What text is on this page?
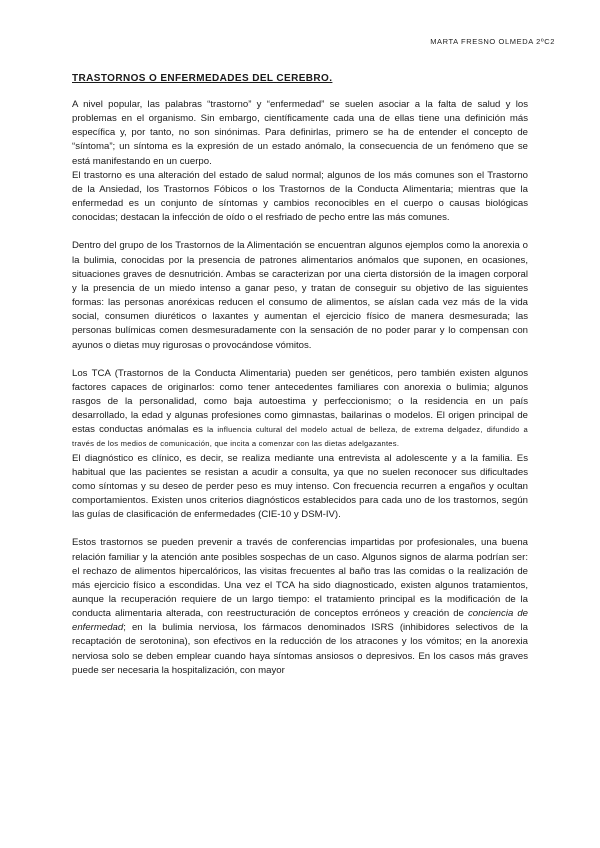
MARTA FRESNO OLMEDA 2ºC2
TRASTORNOS O ENFERMEDADES DEL CEREBRO.

A nivel popular, las palabras “trastorno” y “enfermedad” se suelen asociar a la falta de salud y los problemas en el organismo. Sin embargo, científicamente cada una de ellas tiene una definición más específica y, por tanto, no son sinónimas. Para definirlas, primero se ha de entender el concepto de “síntoma”; un síntoma es la expresión de un estado anómalo, la consecuencia de un fenómeno que se está manifestando en un cuerpo.

El trastorno es una alteración del estado de salud normal; algunos de los más comunes son el Trastorno de la Ansiedad, los Trastornos Fóbicos o los Trastornos de la Conducta Alimentaria; mientras que la enfermedad es un conjunto de síntomas y cambios reconocibles en el cuerpo o causas biológicas conocidas; destacan la infección de oído o el resfriado de pecho entre las más comunes.

Dentro del grupo de los Trastornos de la Alimentación se encuentran algunos ejemplos como la anorexia o la bulimia, conocidas por la presencia de patrones alimentarios anómalos que suponen, en ocasiones, situaciones graves de desnutrición. Ambas se caracterizan por una cierta distorsión de la imagen corporal y la presencia de un miedo intenso a ganar peso, y tratan de conseguir su objetivo de las siguientes formas: las personas anoréxicas reducen el consumo de alimentos, se aíslan cada vez más de la vida social, consumen diuréticos o laxantes y aumentan el ejercicio físico de manera desmesurada; las personas bulímicas comen desmesuradamente con la sensación de no poder parar y lo compensan con ayunos o dietas muy rigurosas o provocándose vómitos.

Los TCA (Trastornos de la Conducta Alimentaria) pueden ser genéticos, pero también existen algunos factores capaces de originarlos: como tener antecedentes familiares con anorexia o bulimia; algunos rasgos de la personalidad, como baja autoestima y perfeccionismo; o la residencia en un país desarrollado, la edad y algunas profesiones como gimnastas, bailarinas o modelos. El origen principal de estas conductas anómalas es la influencia cultural del modelo actual de belleza, de extrema delgadez, difundido a través de los medios de comunicación, que incita a comenzar con las dietas adelgazantes.

El diagnóstico es clínico, es decir, se realiza mediante una entrevista al adolescente y a la familia. Es habitual que las pacientes se resistan a acudir a consulta, ya que no suelen reconocer sus dificultades como síntomas y su deseo de perder peso es muy intenso. Con frecuencia recurren a engaños y ocultan comportamientos. Existen unos criterios diagnósticos establecidos para cada uno de los trastornos, según las guías de clasificación de enfermedades (CIE-10 y DSM-IV).

Estos trastornos se pueden prevenir a través de conferencias impartidas por profesionales, una buena relación familiar y la atención ante posibles sospechas de un caso. Algunos signos de alarma podrían ser: el rechazo de alimentos hipercalóricos, las visitas frecuentes al baño tras las comidas o la realización de más ejercicio físico a escondidas. Una vez el TCA ha sido diagnosticado, existen algunos tratamientos, aunque la recuperación requiere de un largo tiempo: el tratamiento principal es la modificación de la conducta alimentaria alterada, con reestructuración de conceptos erróneos y creación de conciencia de enfermedad; en la bulimia nerviosa, los fármacos denominados ISRS (inhibidores selectivos de la recaptación de serotonina), son efectivos en la reducción de los atracones y los vómitos; en la anorexia nerviosa solo se deben emplear cuando haya síntomas ansiosos o depresivos. En los casos más graves puede ser necesaria la hospitalización, con mayor
